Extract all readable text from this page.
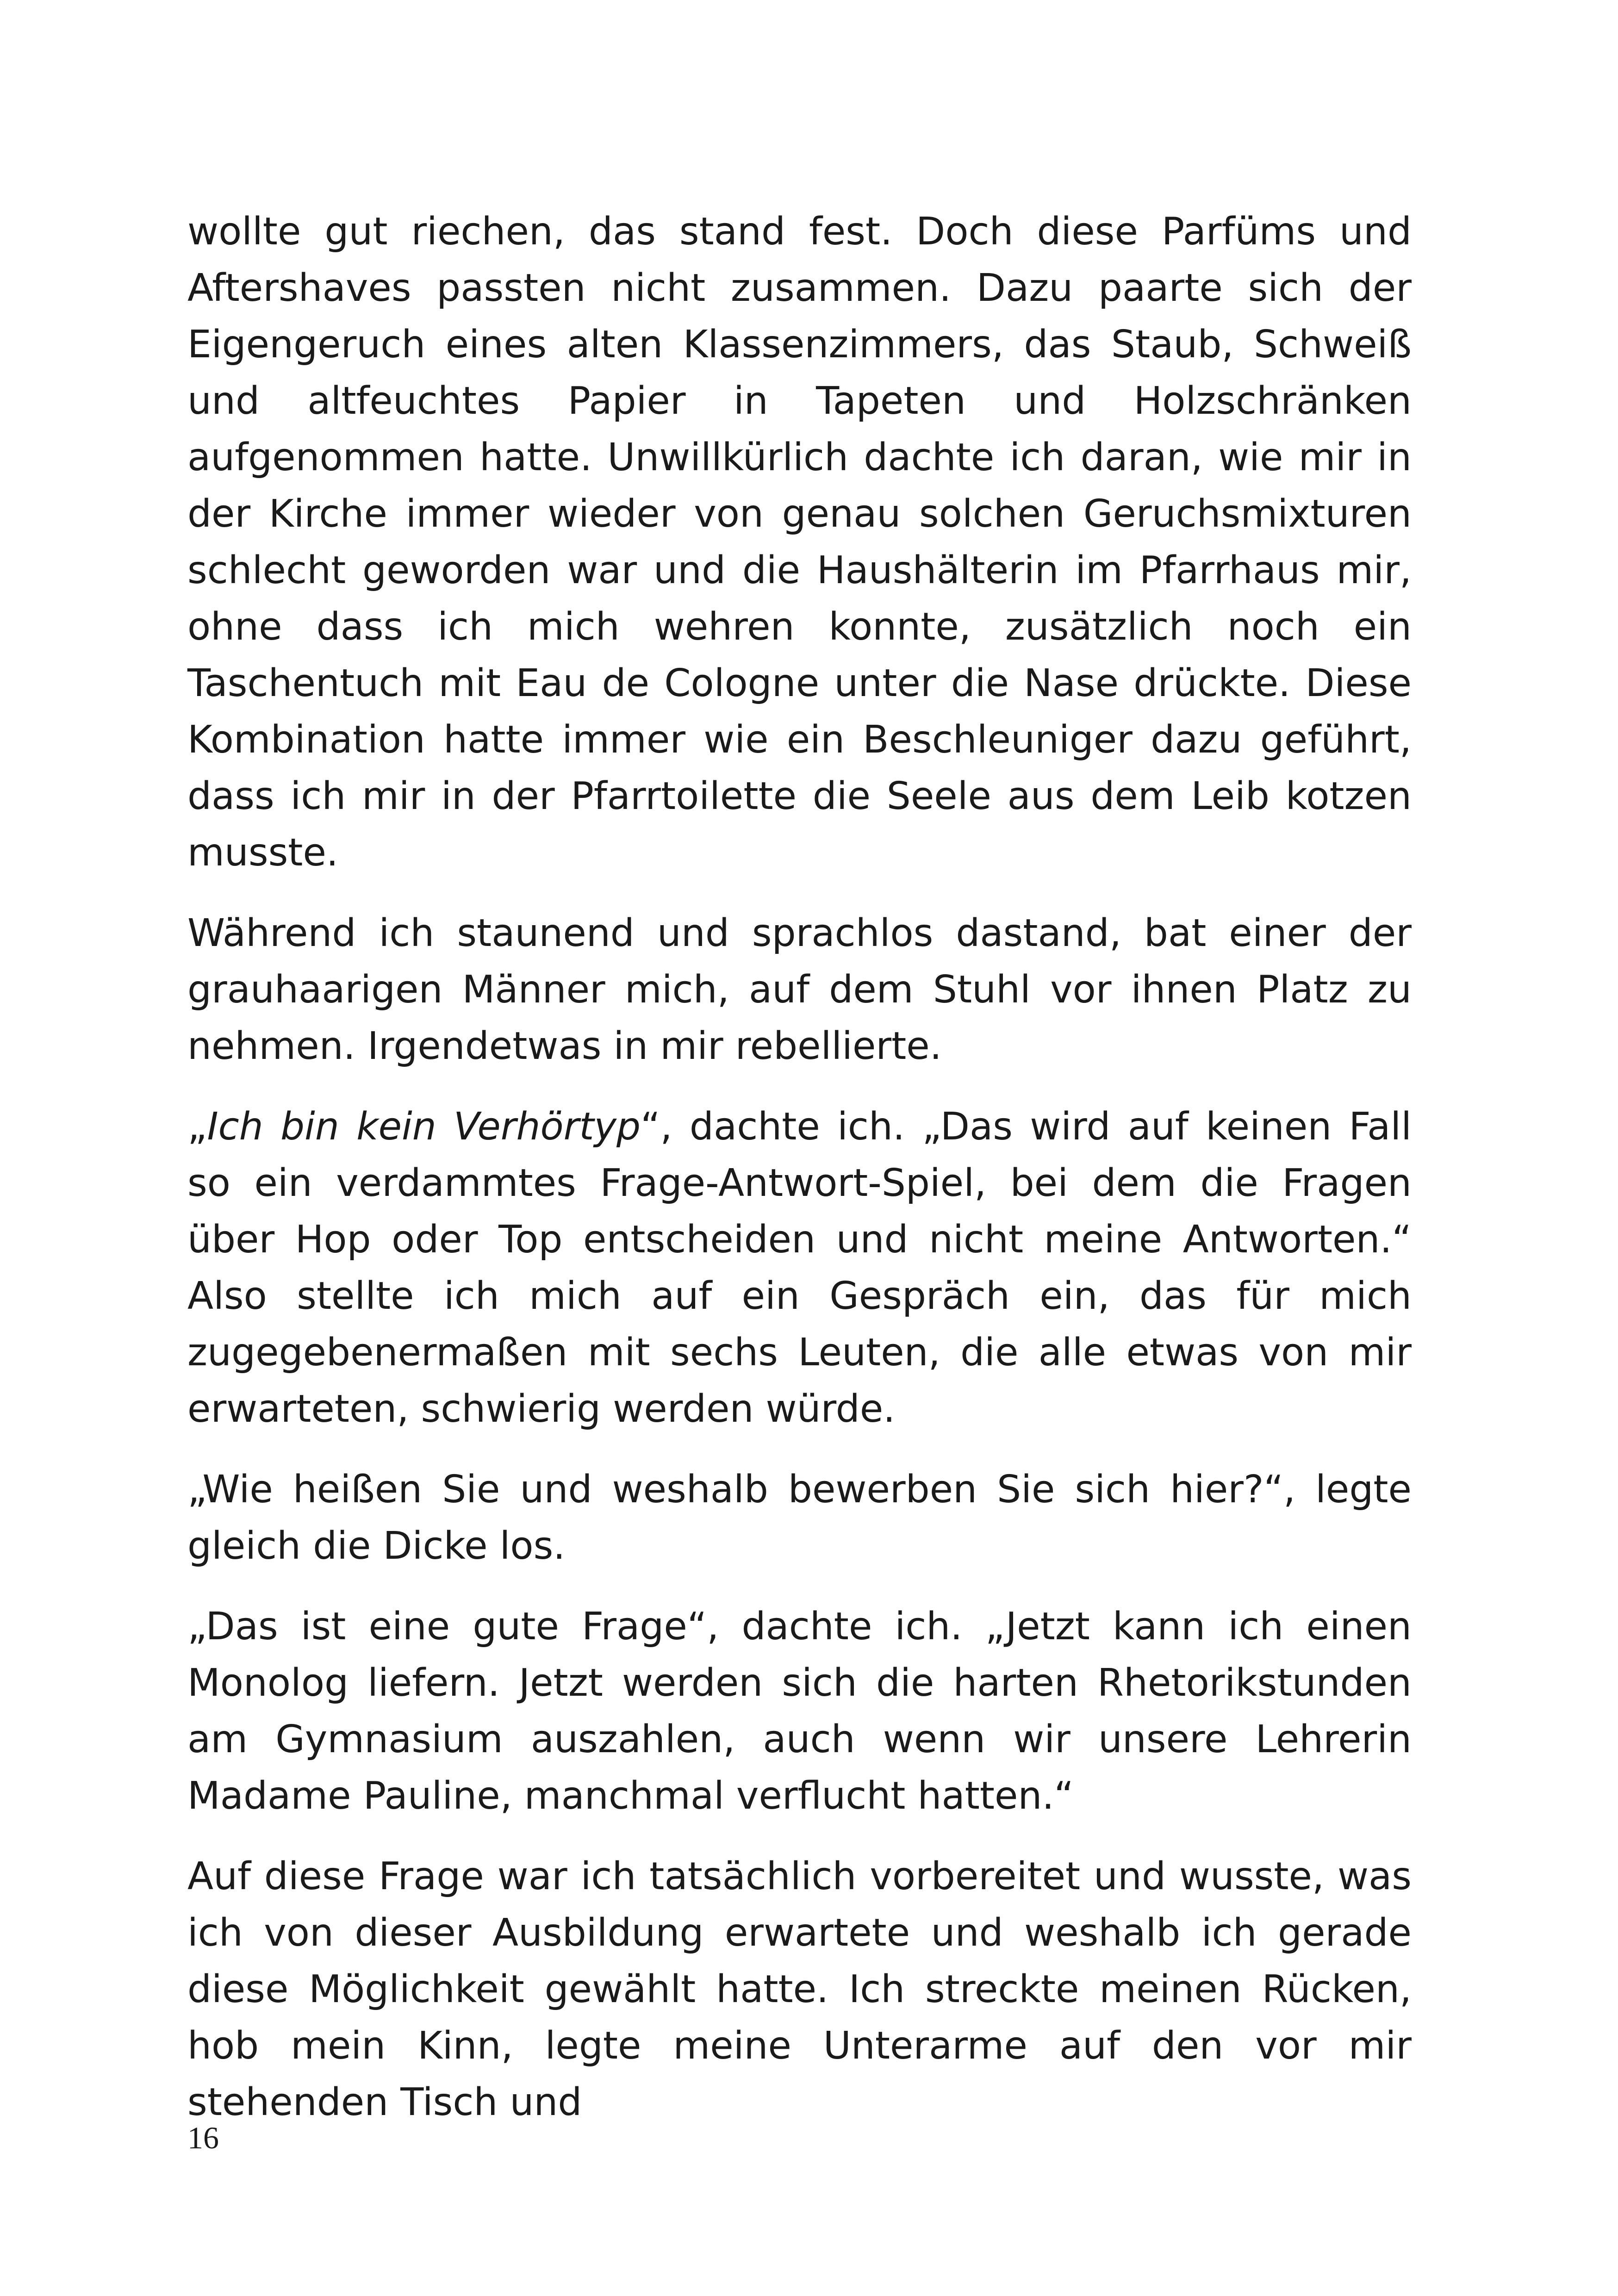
wollte gut riechen, das stand fest. Doch diese Parfüms und Aftershaves passten nicht zusammen. Dazu paarte sich der Eigengeruch eines alten Klassenzimmers, das Staub, Schweiß und altfeuchtes Papier in Tapeten und Holzschränken aufgenommen hatte. Unwillkürlich dachte ich daran, wie mir in der Kirche immer wieder von genau solchen Geruchsmixturen schlecht geworden war und die Haushälterin im Pfarrhaus mir, ohne dass ich mich wehren konnte, zusätzlich noch ein Taschentuch mit Eau de Cologne unter die Nase drückte. Diese Kombination hatte immer wie ein Beschleuniger dazu geführt, dass ich mir in der Pfarrtoilette die Seele aus dem Leib kotzen musste.

Während ich staunend und sprachlos dastand, bat einer der grauhaarigen Männer mich, auf dem Stuhl vor ihnen Platz zu nehmen. Irgendetwas in mir rebellierte.

„Ich bin kein Verhörtyp“, dachte ich. „Das wird auf keinen Fall so ein verdammtes Frage-Antwort-Spiel, bei dem die Fragen über Hop oder Top entscheiden und nicht meine Antworten.“ Also stellte ich mich auf ein Gespräch ein, das für mich zugegebenermaßen mit sechs Leuten, die alle etwas von mir erwarteten, schwierig werden würde.

„Wie heißen Sie und weshalb bewerben Sie sich hier?“, legte gleich die Dicke los.

„Das ist eine gute Frage“, dachte ich. „Jetzt kann ich einen Monolog liefern. Jetzt werden sich die harten Rhetorikstunden am Gymnasium auszahlen, auch wenn wir unsere Lehrerin Madame Pauline, manchmal verflucht hatten.“

Auf diese Frage war ich tatsächlich vorbereitet und wusste, was ich von dieser Ausbildung erwartete und weshalb ich gerade diese Möglichkeit gewählt hatte. Ich streckte meinen Rücken, hob mein Kinn, legte meine Unterarme auf den vor mir stehenden Tisch und

16
